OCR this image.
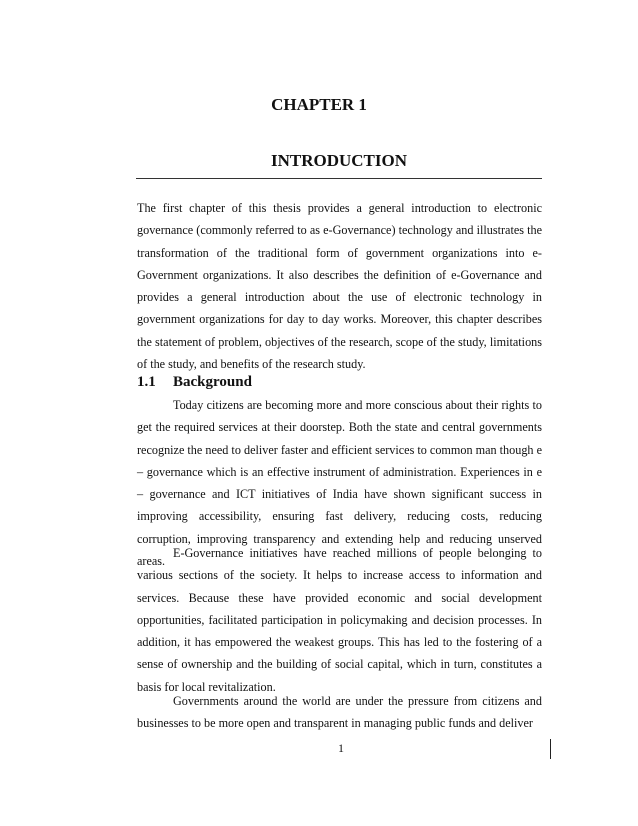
CHAPTER 1
INTRODUCTION

The first chapter of this thesis provides a general introduction to electronic governance (commonly referred to as e-Governance) technology and illustrates the transformation of the traditional form of government organizations into e-Government organizations. It also describes the definition of e-Governance and provides a general introduction about the use of electronic technology in government organizations for day to day works. Moreover, this chapter describes the statement of problem, objectives of the research, scope of the study, limitations of the study, and benefits of the research study.

1.1 Background

Today citizens are becoming more and more conscious about their rights to get the required services at their doorstep. Both the state and central governments recognize the need to deliver faster and efficient services to common man though e – governance which is an effective instrument of administration. Experiences in e – governance and ICT initiatives of India have shown significant success in improving accessibility, ensuring fast delivery, reducing costs, reducing corruption, improving transparency and extending help and reducing unserved areas.

E-Governance initiatives have reached millions of people belonging to various sections of the society. It helps to increase access to information and services. Because these have provided economic and social development opportunities, facilitated participation in policymaking and decision processes. In addition, it has empowered the weakest groups. This has led to the fostering of a sense of ownership and the building of social capital, which in turn, constitutes a basis for local revitalization.

Governments around the world are under the pressure from citizens and businesses to be more open and transparent in managing public funds and deliver

1
